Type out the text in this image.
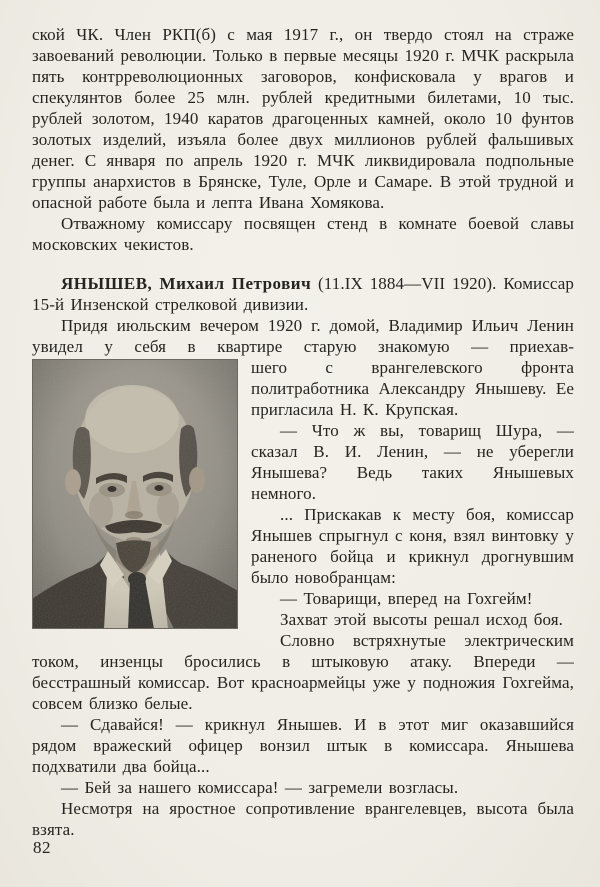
ской ЧК. Член РКП(б) с мая 1917 г., он твердо стоял на страже завоеваний революции. Только в первые месяцы 1920 г. МЧК раскрыла пять контрреволюционных заговоров, конфисковала у врагов и спекулянтов более 25 млн. рублей кредитными билетами, 10 тыс. рублей золотом, 1940 каратов драгоценных камней, около 10 фунтов золотых изделий, изъяла более двух миллионов рублей фальшивых денег. С января по апрель 1920 г. МЧК ликвидировала подпольные группы анархистов в Брянске, Туле, Орле и Самаре. В этой трудной и опасной работе была и лепта Ивана Хомякова.

Отважному комиссару посвящен стенд в комнате боевой славы московских чекистов.

ЯНЫШЕВ, Михаил Петрович (11.IX 1884—VII 1920). Комиссар 15-й Инзенской стрелковой дивизии.

Придя июльским вечером 1920 г. домой, Владимир Ильич Ленин увидел у себя в квартире старую знакомую — приехав-

шего с врангелевского фронта политработника Александру Янышеву. Ее пригласила Н. К. Крупская.

— Что ж вы, товарищ Шура, — сказал В. И. Ленин, — не уберегли Янышева? Ведь таких Янышевых немного.

... Прискакав к месту боя, комиссар Янышев спрыгнул с коня, взял винтовку у раненого бойца и крикнул дрогнувшим было новобранцам:

— Товарищи, вперед на Гохгейм!

Захват этой высоты решал исход боя.

Словно встряхнутые электрическим током, инзенцы бросились в штыковую атаку. Впереди — бесстрашный комиссар. Вот красноармейцы уже у подножия Гохгейма, совсем близко белые.

— Сдавайся! — крикнул Янышев. И в этот миг оказавшийся рядом вражеский офицер вонзил штык в комиссара. Янышева подхватили два бойца...

— Бей за нашего комиссара! — загремели возгласы.

Несмотря на яростное сопротивление врангелевцев, высота была взята.

82
